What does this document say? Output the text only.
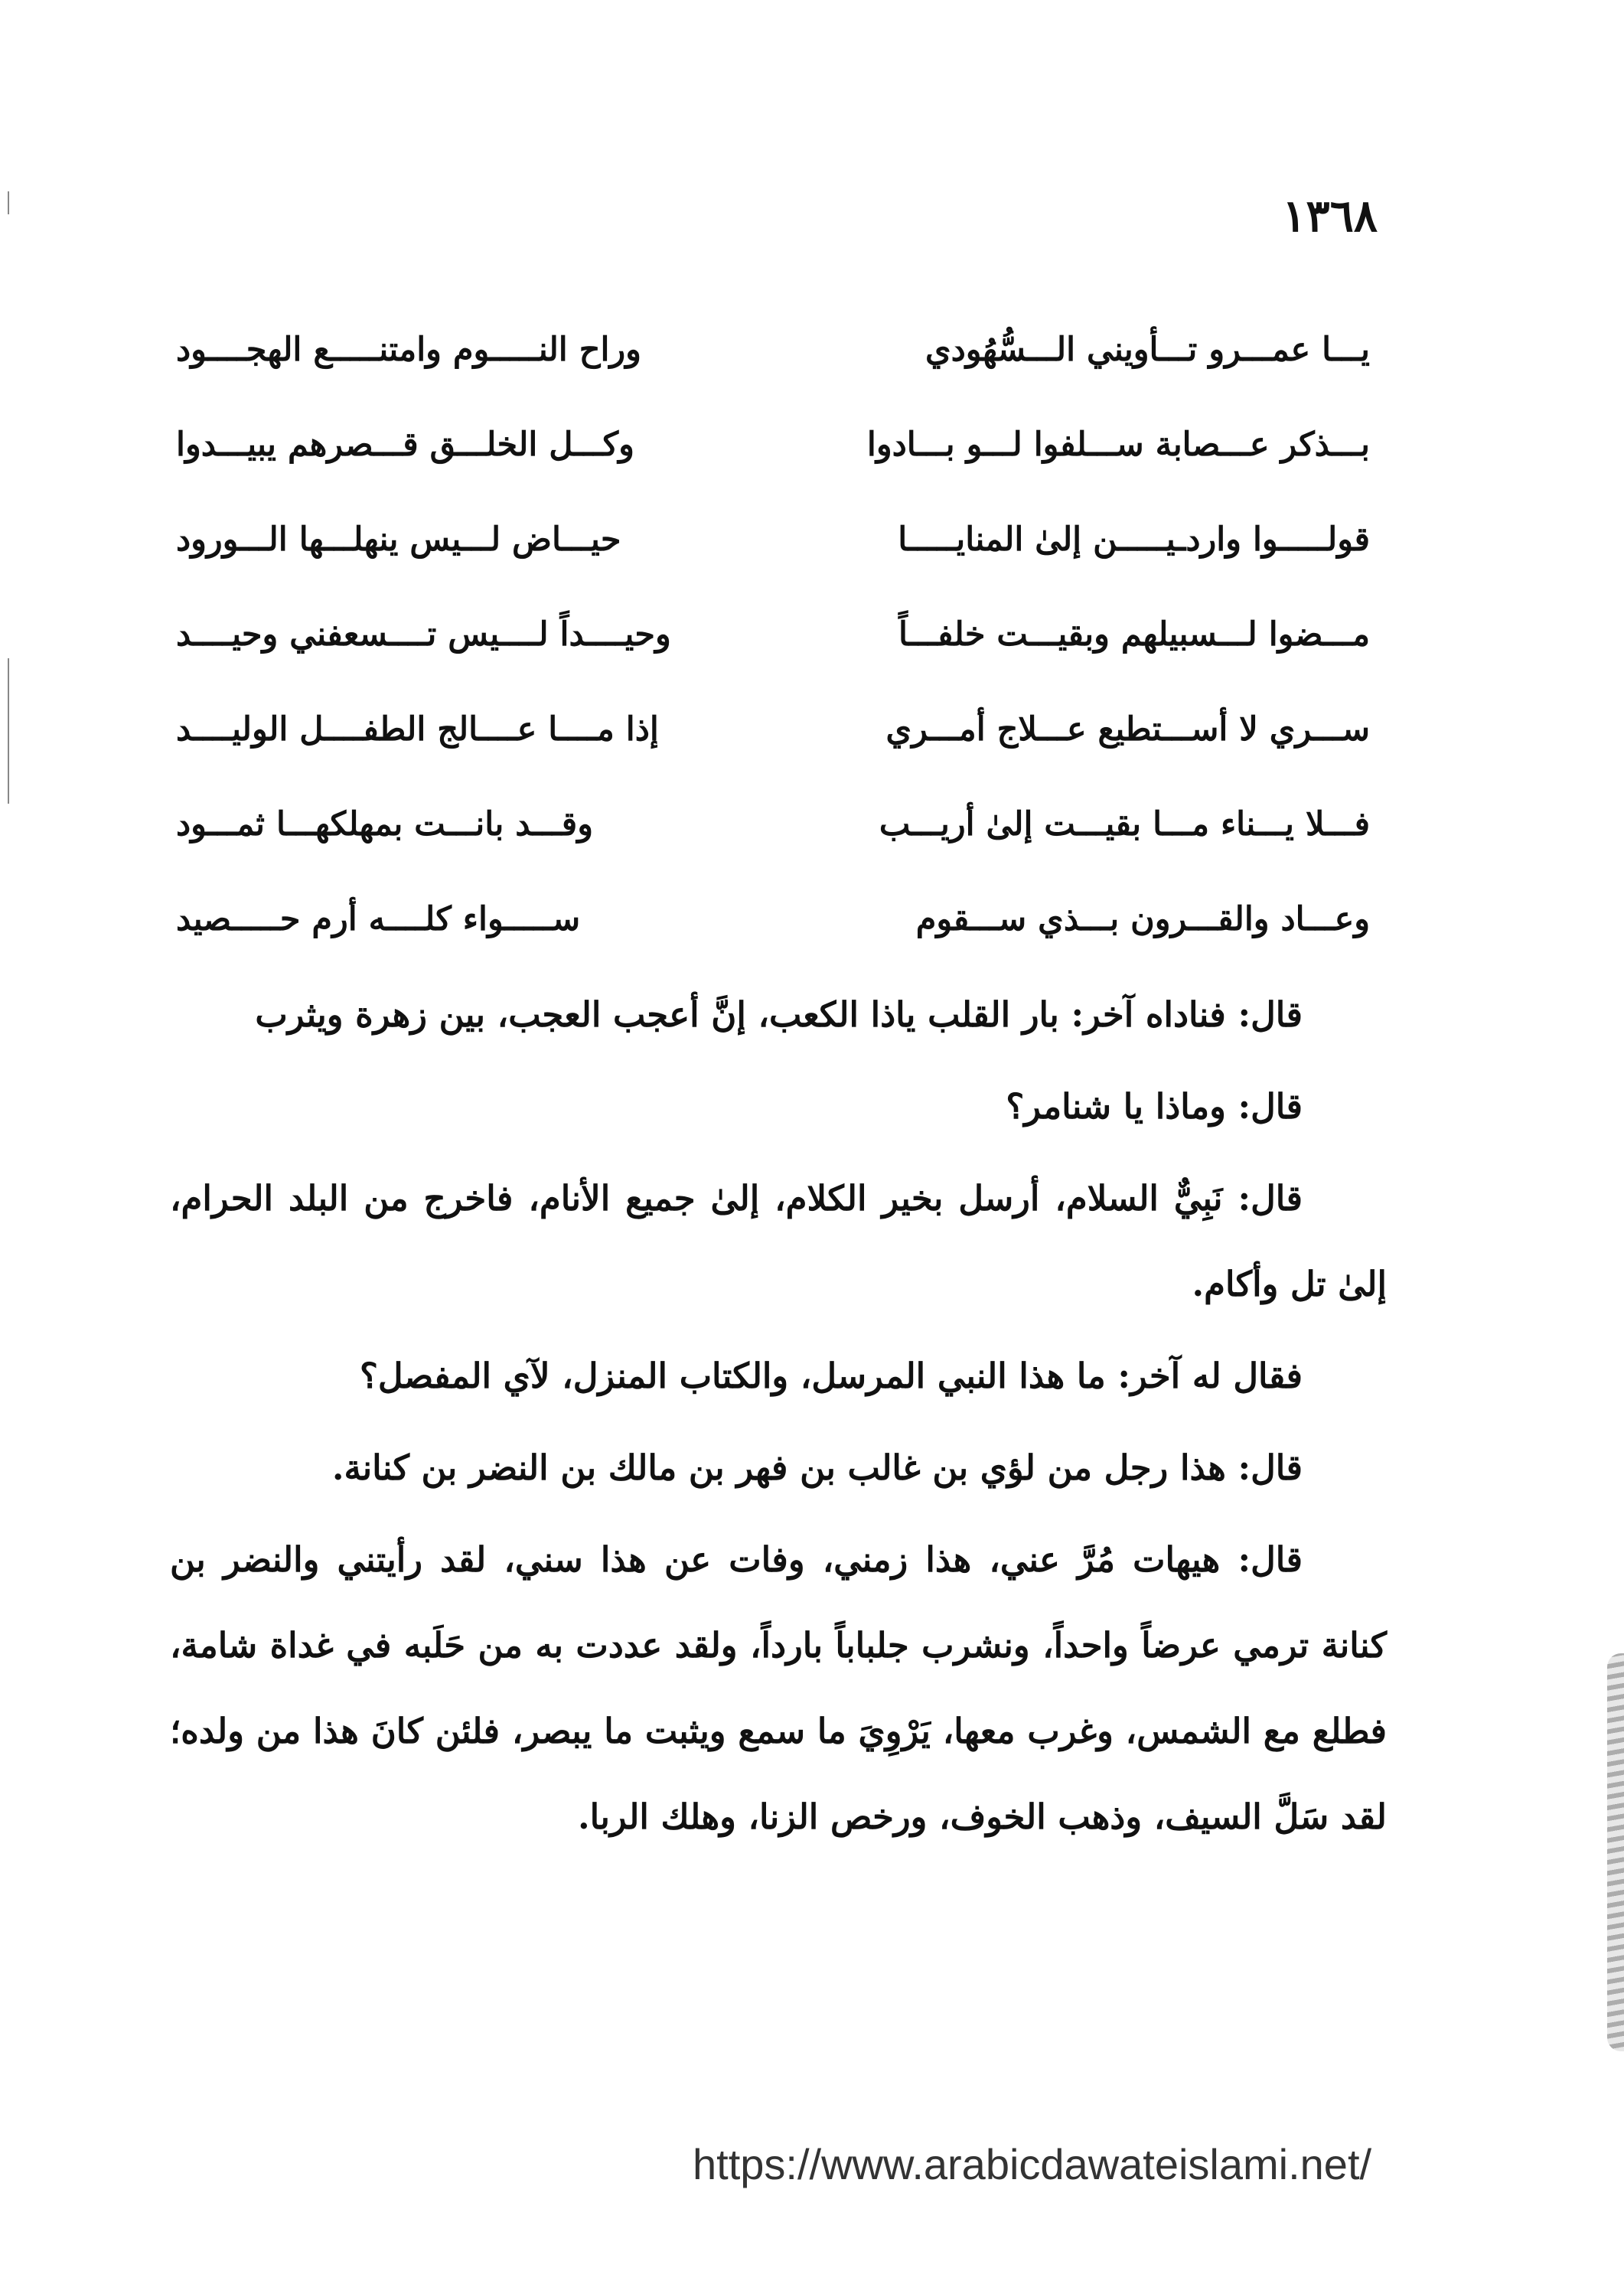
١٣٦٨
يـــا عمـــرو تـــأويني الـــسُّهُودي
وراح النـــــوم وامتنـــــع الهجــــود
بـــذكر عـــصابة ســـلفوا لـــو بـــادوا
وكـــل الخلـــق قـــصرهم يبيـــدوا
قولـــــوا واردـيـــــن إلىٰ المنايـــــا
حيـــاض لـــيس ينهلـــها الـــورود
مـــضوا لـــسبيلهم وبقيـــت خلفـــاً
وحيــــداً لــــيس تــــسعفني وحيــــد
ســـري لا أســـتطيع عـــلاج أمـــري
إذا مــــا عــــالج الطفــــل الوليــــد
فـــلا يـــناء مـــا بقيـــت إلىٰ أريـــب
وقـــد بانـــت بمهلكهـــا ثمـــود
وعـــاد والقـــرون بـــذي ســـقوم
ســـــواء كلــــه أرم حـــــصيد

قال: فناداه آخر: بار القلب ياذا الكعب، إنَّ أعجب العجب، بين زهرة ويثرب

قال: وماذا يا شنامر؟

قال: نَبِيٌّ السلام، أرسل بخير الكلام، إلىٰ جميع الأنام، فاخرج من البلد الحرام، إلىٰ تل وأكام.

فقال له آخر: ما هذا النبي المرسل، والكتاب المنزل، لآي المفصل؟

قال: هذا رجل من لؤي بن غالب بن فهر بن مالك بن النضر بن كنانة.

قال: هيهات مُرَّ عني، هذا زمني، وفات عن هذا سني، لقد رأيتني والنضر بن كنانة ترمي عرضاً واحداً، ونشرب جلباباً بارداً، ولقد عددت به من حَلَبه في غداة شامة، فطلع مع الشمس، وغرب معها، يَرْوِيَ ما سمع ويثبت ما يبصر، فلئن كانَ هذا من ولده؛ لقد سَلَّ السيف، وذهب الخوف، ورخص الزنا، وهلك الربا.

https://www.arabicdawateislami.net/
